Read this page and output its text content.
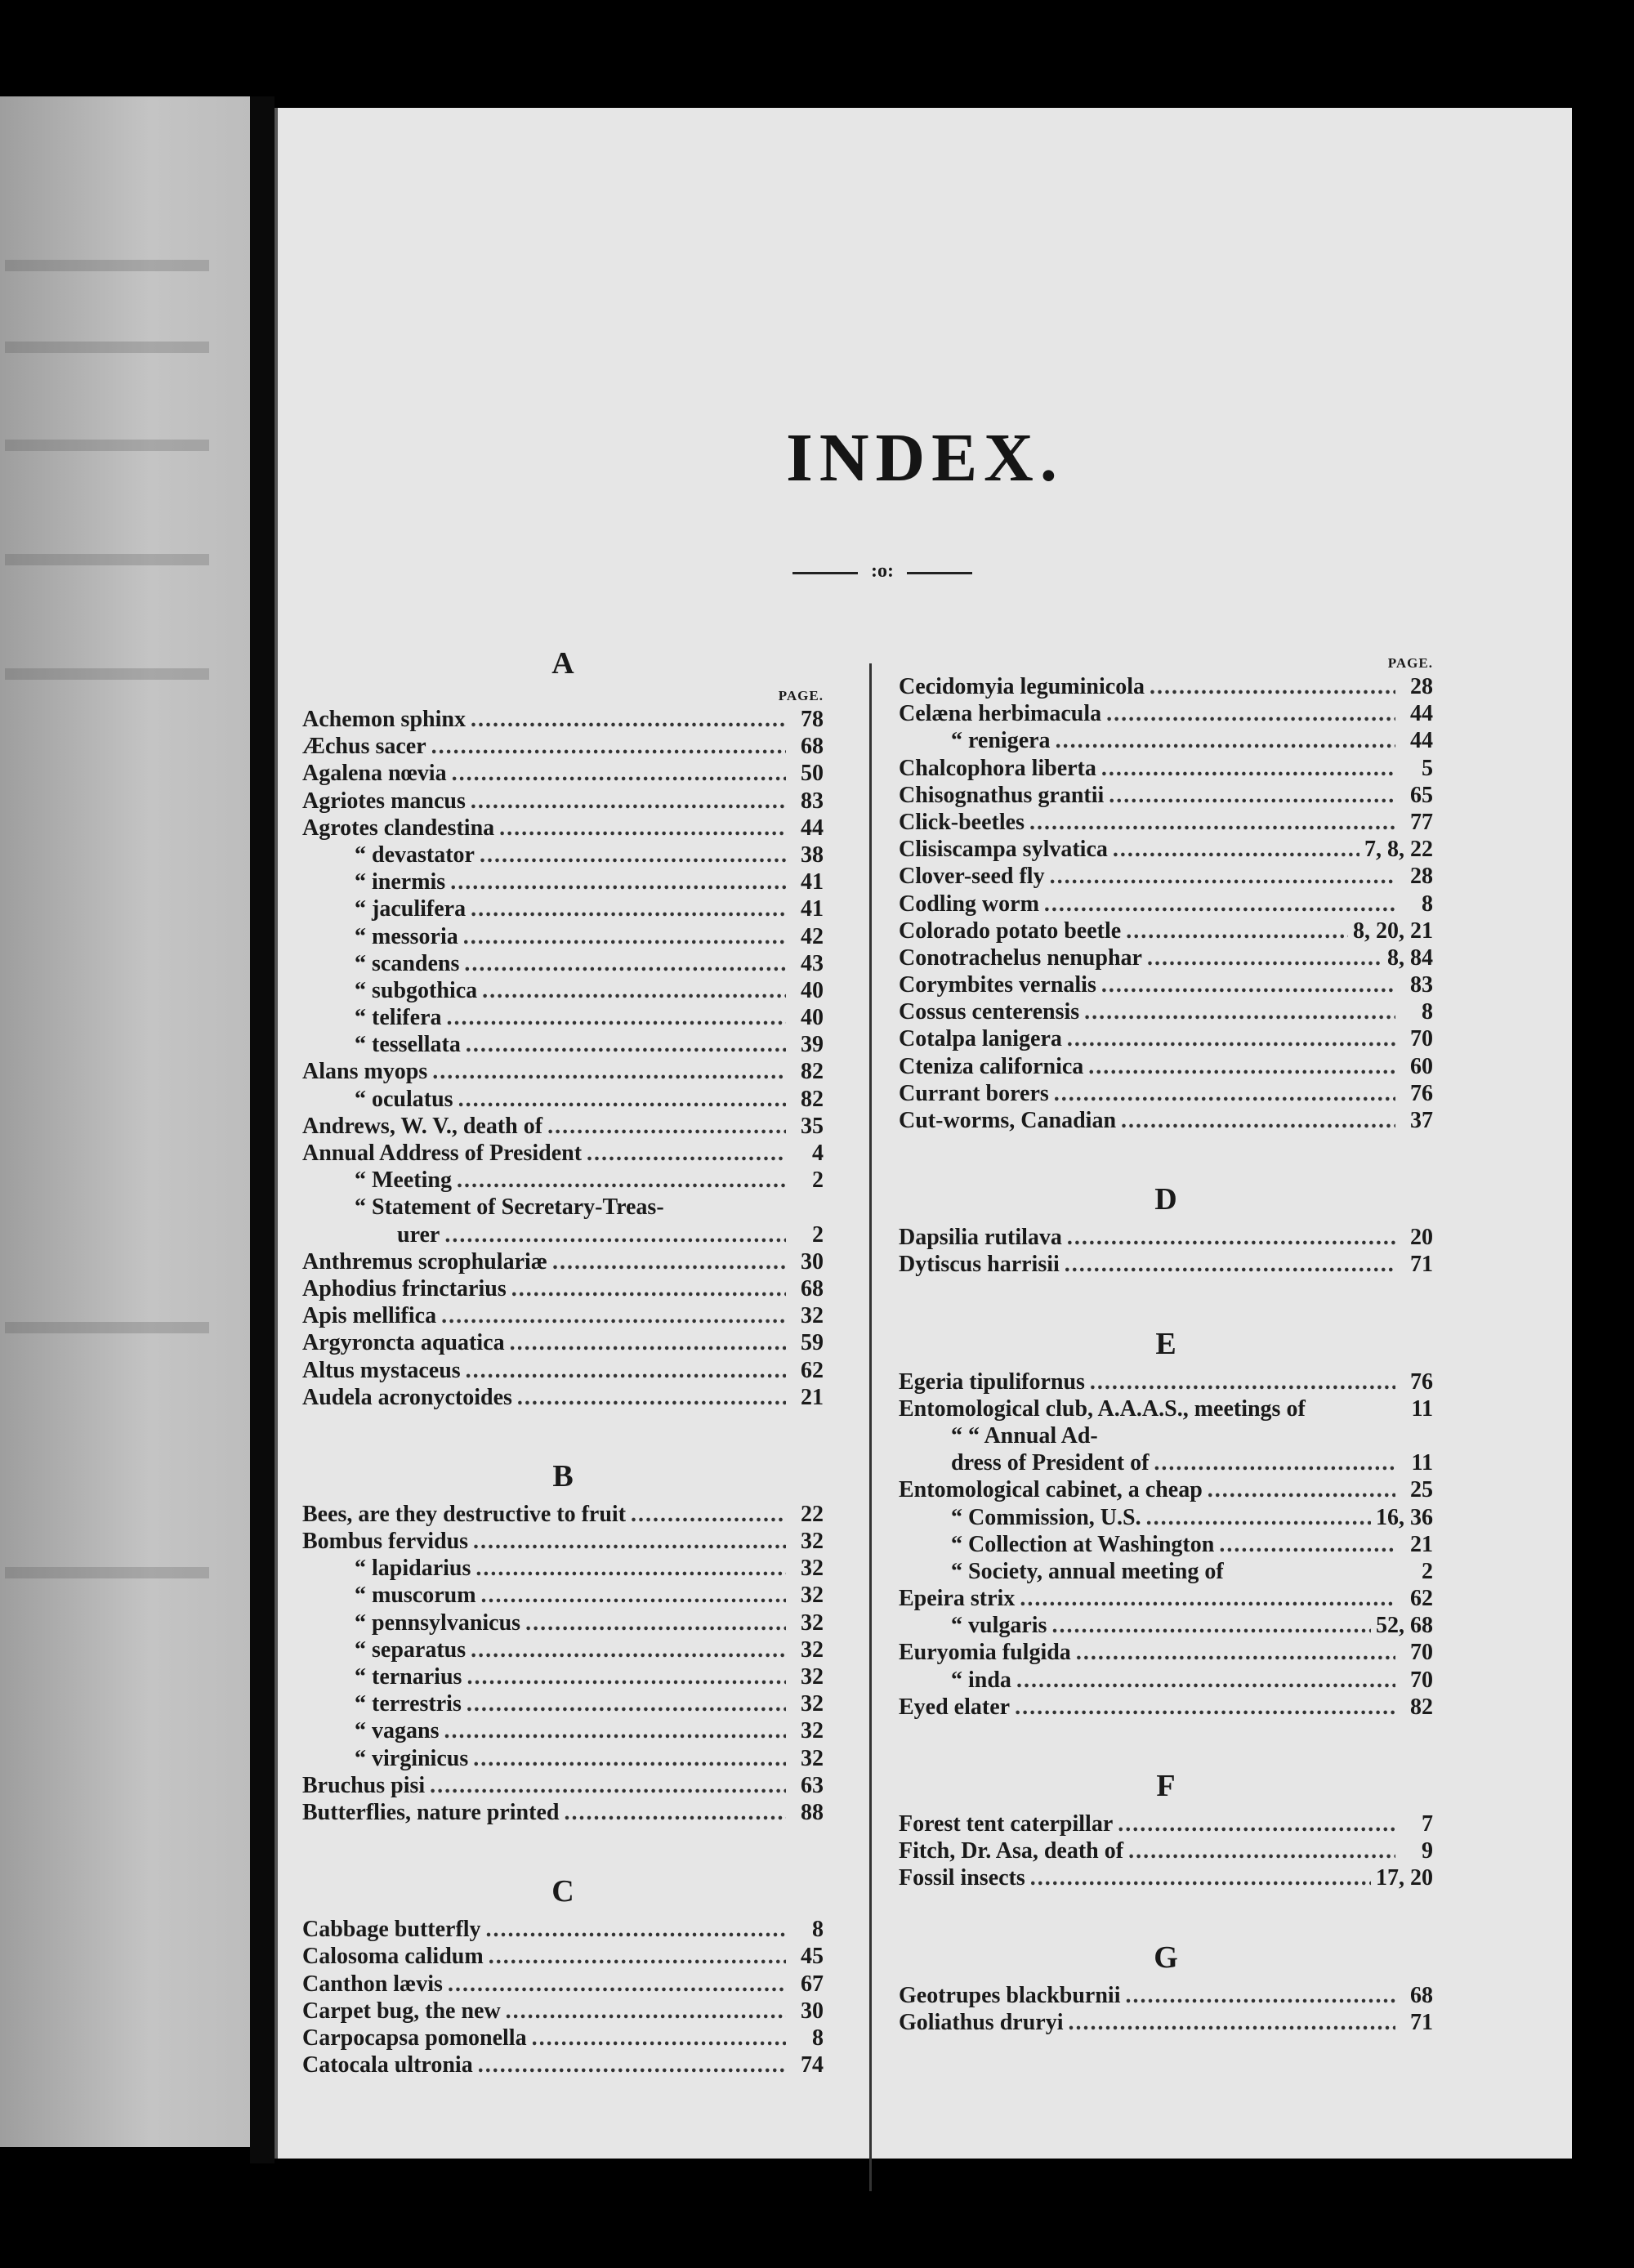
INDEX.
:o:
A
PAGE.
Achemon sphinx .....	78
Æchus sacer .....	68
Agalena nœvia .....	50
Agriotes mancus .....	83
Agrotes clandestina .....	44
“ devastator .....	38
“ inermis .....	41
“ jaculifera .....	41
“ messoria .....	42
“ scandens .....	43
“ subgothica .....	40
“ telifera .....	40
“ tessellata .....	39
Alans myops .....	82
“ oculatus .....	82
Andrews, W. V., death of .....	35
Annual Address of President .....	4
“ Meeting .....	2
“ Statement of Secretary-Treas-
urer .....	2
Anthremus scrophulariæ .....	30
Aphodius frinctarius .....	68
Apis mellifica .....	32
Argyroncta aquatica .....	59
Altus mystaceus .....	62
Audela acronyctoides .....	21
B
Bees, are they destructive to fruit .....	22
Bombus fervidus .....	32
“ lapidarius .....	32
“ muscorum .....	32
“ pennsylvanicus .....	32
“ separatus .....	32
“ ternarius .....	32
“ terrestris .....	32
“ vagans .....	32
“ virginicus .....	32
Bruchus pisi .....	63
Butterflies, nature printed .....	88
C
Cabbage butterfly .....	8
Calosoma calidum .....	45
Canthon lævis .....	67
Carpet bug, the new .....	30
Carpocapsa pomonella .....	8
Catocala ultronia .....	74
PAGE.
Cecidomyia leguminicola .....	28
Celæna herbimacula .....	44
“ renigera .....	44
Chalcophora liberta .....	5
Chisognathus grantii .....	65
Click-beetles .....	77
Clisiscampa sylvatica .....	7, 8, 22
Clover-seed fly .....	28
Codling worm .....	8
Colorado potato beetle .....	8, 20, 21
Conotrachelus nenuphar .....	8, 84
Corymbites vernalis .....	83
Cossus centerensis .....	8
Cotalpa lanigera .....	70
Cteniza californica .....	60
Currant borers .....	76
Cut-worms, Canadian .....	37
D
Dapsilia rutilava .....	20
Dytiscus harrisii .....	71
E
Egeria tipulifornus .....	76
Entomological club, A.A.A.S., meetings of	11
“ “ Annual Ad-
dress of President of .....	11
Entomological cabinet, a cheap .....	25
“ Commission, U.S. .....	16, 36
“ Collection at Washington .....	21
“ Society, annual meeting of	2
Epeira strix .....	62
“ vulgaris .....	52, 68
Euryomia fulgida .....	70
“ inda .....	70
Eyed elater .....	82
F
Forest tent caterpillar .....	7
Fitch, Dr. Asa, death of .....	9
Fossil insects .....	17, 20
G
Geotrupes blackburnii .....	68
Goliathus druryi .....	71
